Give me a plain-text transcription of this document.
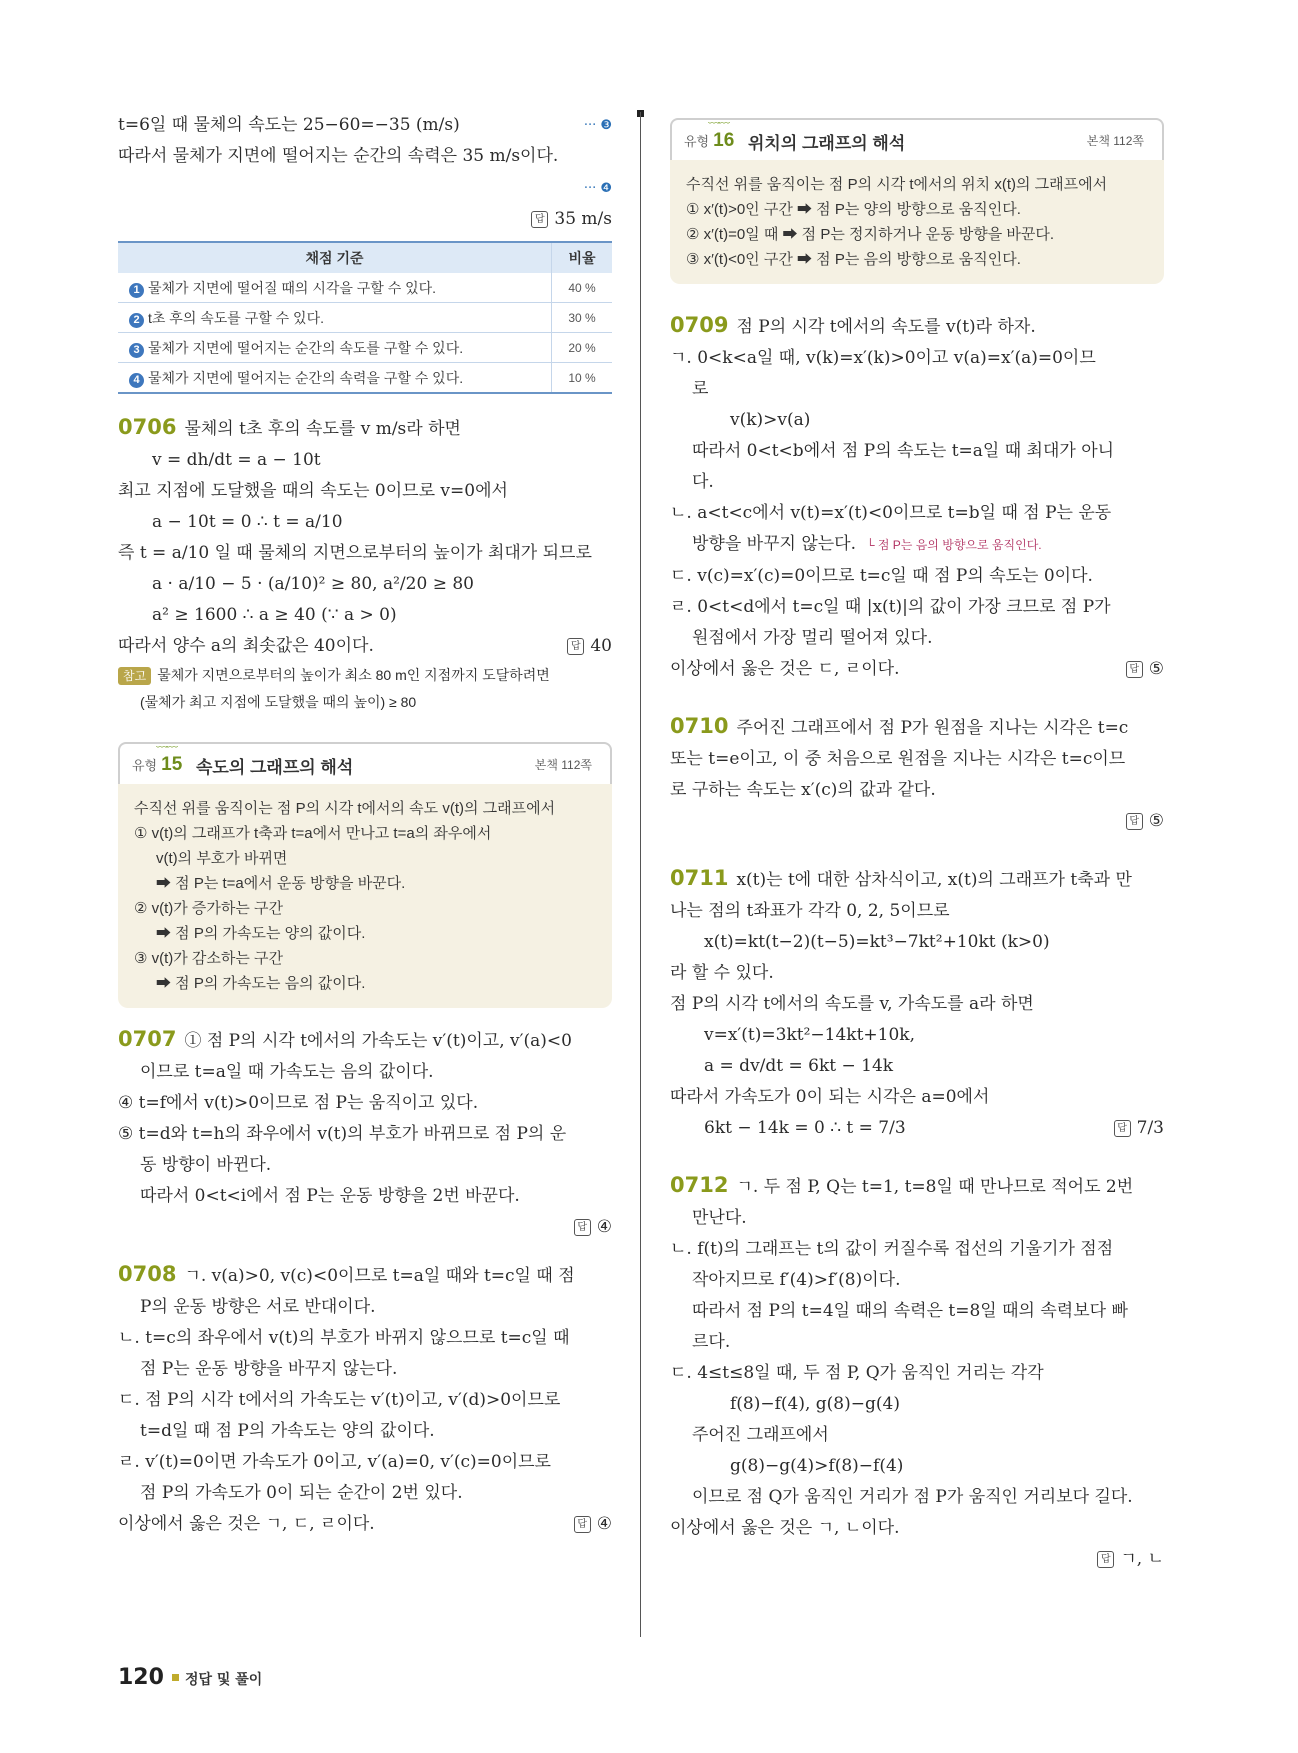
t=6일 때 물체의 속도는 25−60=−35 (m/s)	··· ❸

따라서 물체가 지면에 떨어지는 순간의 속력은 35 m/s이다.

··· ❹

답 35 m/s

채점 기준	비율
1 물체가 지면에 떨어질 때의 시각을 구할 수 있다.	40 %
2 t초 후의 속도를 구할 수 있다.	30 %
3 물체가 지면에 떨어지는 순간의 속도를 구할 수 있다.	20 %
4 물체가 지면에 떨어지는 순간의 속력을 구할 수 있다.	10 %

0706 물체의 t초 후의 속도를 v m/s라 하면

v = dh/dt = a − 10t

최고 지점에 도달했을 때의 속도는 0이므로 v=0에서

a − 10t = 0 ∴ t = a/10

즉 t = a/10 일 때 물체의 지면으로부터의 높이가 최대가 되므로

a · a/10 − 5 · (a/10)² ≥ 80, a²/20 ≥ 80

a² ≥ 1600 ∴ a ≥ 40 (∵ a > 0)

따라서 양수 a의 최솟값은 40이다.	답 40

참고 물체가 지면으로부터의 높이가 최소 80 m인 지점까지 도달하려면

(물체가 최고 지점에 도달했을 때의 높이) ≥ 80

﹏﹏
유형 15 속도의 그래프의 해석	본책 112쪽

수직선 위를 움직이는 점 P의 시각 t에서의 속도 v(t)의 그래프에서

① v(t)의 그래프가 t축과 t=a에서 만나고 t=a의 좌우에서

v(t)의 부호가 바뀌면

➡ 점 P는 t=a에서 운동 방향을 바꾼다.

② v(t)가 증가하는 구간

➡ 점 P의 가속도는 양의 값이다.

③ v(t)가 감소하는 구간

➡ 점 P의 가속도는 음의 값이다.

0707 ① 점 P의 시각 t에서의 가속도는 v′(t)이고, v′(a)<0

이므로 t=a일 때 가속도는 음의 값이다.

④ t=f에서 v(t)>0이므로 점 P는 움직이고 있다.

⑤ t=d와 t=h의 좌우에서 v(t)의 부호가 바뀌므로 점 P의 운

동 방향이 바뀐다.

따라서 0<t<i에서 점 P는 운동 방향을 2번 바꾼다.

답 ④

0708 ㄱ. v(a)>0, v(c)<0이므로 t=a일 때와 t=c일 때 점

P의 운동 방향은 서로 반대이다.

ㄴ. t=c의 좌우에서 v(t)의 부호가 바뀌지 않으므로 t=c일 때

점 P는 운동 방향을 바꾸지 않는다.

ㄷ. 점 P의 시각 t에서의 가속도는 v′(t)이고, v′(d)>0이므로

t=d일 때 점 P의 가속도는 양의 값이다.

ㄹ. v′(t)=0이면 가속도가 0이고, v′(a)=0, v′(c)=0이므로

점 P의 가속도가 0이 되는 순간이 2번 있다.

이상에서 옳은 것은 ㄱ, ㄷ, ㄹ이다.	답 ④

﹏﹏
유형 16 위치의 그래프의 해석	본책 112쪽

수직선 위를 움직이는 점 P의 시각 t에서의 위치 x(t)의 그래프에서

① x′(t)>0인 구간 ➡ 점 P는 양의 방향으로 움직인다.

② x′(t)=0일 때 ➡ 점 P는 정지하거나 운동 방향을 바꾼다.

③ x′(t)<0인 구간 ➡ 점 P는 음의 방향으로 움직인다.

0709 점 P의 시각 t에서의 속도를 v(t)라 하자.

ㄱ. 0<k<a일 때, v(k)=x′(k)>0이고 v(a)=x′(a)=0이므

로

v(k)>v(a)

따라서 0<t<b에서 점 P의 속도는 t=a일 때 최대가 아니

다.

ㄴ. a<t<c에서 v(t)=x′(t)<0이므로 t=b일 때 점 P는 운동

방향을 바꾸지 않는다. └ 점 P는 음의 방향으로 움직인다.

ㄷ. v(c)=x′(c)=0이므로 t=c일 때 점 P의 속도는 0이다.

ㄹ. 0<t<d에서 t=c일 때 |x(t)|의 값이 가장 크므로 점 P가

원점에서 가장 멀리 떨어져 있다.

이상에서 옳은 것은 ㄷ, ㄹ이다.	답 ⑤

0710 주어진 그래프에서 점 P가 원점을 지나는 시각은 t=c

또는 t=e이고, 이 중 처음으로 원점을 지나는 시각은 t=c이므

로 구하는 속도는 x′(c)의 값과 같다.

답 ⑤

0711 x(t)는 t에 대한 삼차식이고, x(t)의 그래프가 t축과 만

나는 점의 t좌표가 각각 0, 2, 5이므로

x(t)=kt(t−2)(t−5)=kt³−7kt²+10kt (k>0)

라 할 수 있다.

점 P의 시각 t에서의 속도를 v, 가속도를 a라 하면

v=x′(t)=3kt²−14kt+10k,

a = dv/dt = 6kt − 14k

따라서 가속도가 0이 되는 시각은 a=0에서

6kt − 14k = 0 ∴ t = 7/3	답 7/3

0712 ㄱ. 두 점 P, Q는 t=1, t=8일 때 만나므로 적어도 2번

만난다.

ㄴ. f(t)의 그래프는 t의 값이 커질수록 접선의 기울기가 점점

작아지므로 f′(4)>f′(8)이다.

따라서 점 P의 t=4일 때의 속력은 t=8일 때의 속력보다 빠

르다.

ㄷ. 4≤t≤8일 때, 두 점 P, Q가 움직인 거리는 각각

f(8)−f(4), g(8)−g(4)

주어진 그래프에서

g(8)−g(4)>f(8)−f(4)

이므로 점 Q가 움직인 거리가 점 P가 움직인 거리보다 길다.

이상에서 옳은 것은 ㄱ, ㄴ이다.

답 ㄱ, ㄴ

120 정답 및 풀이
